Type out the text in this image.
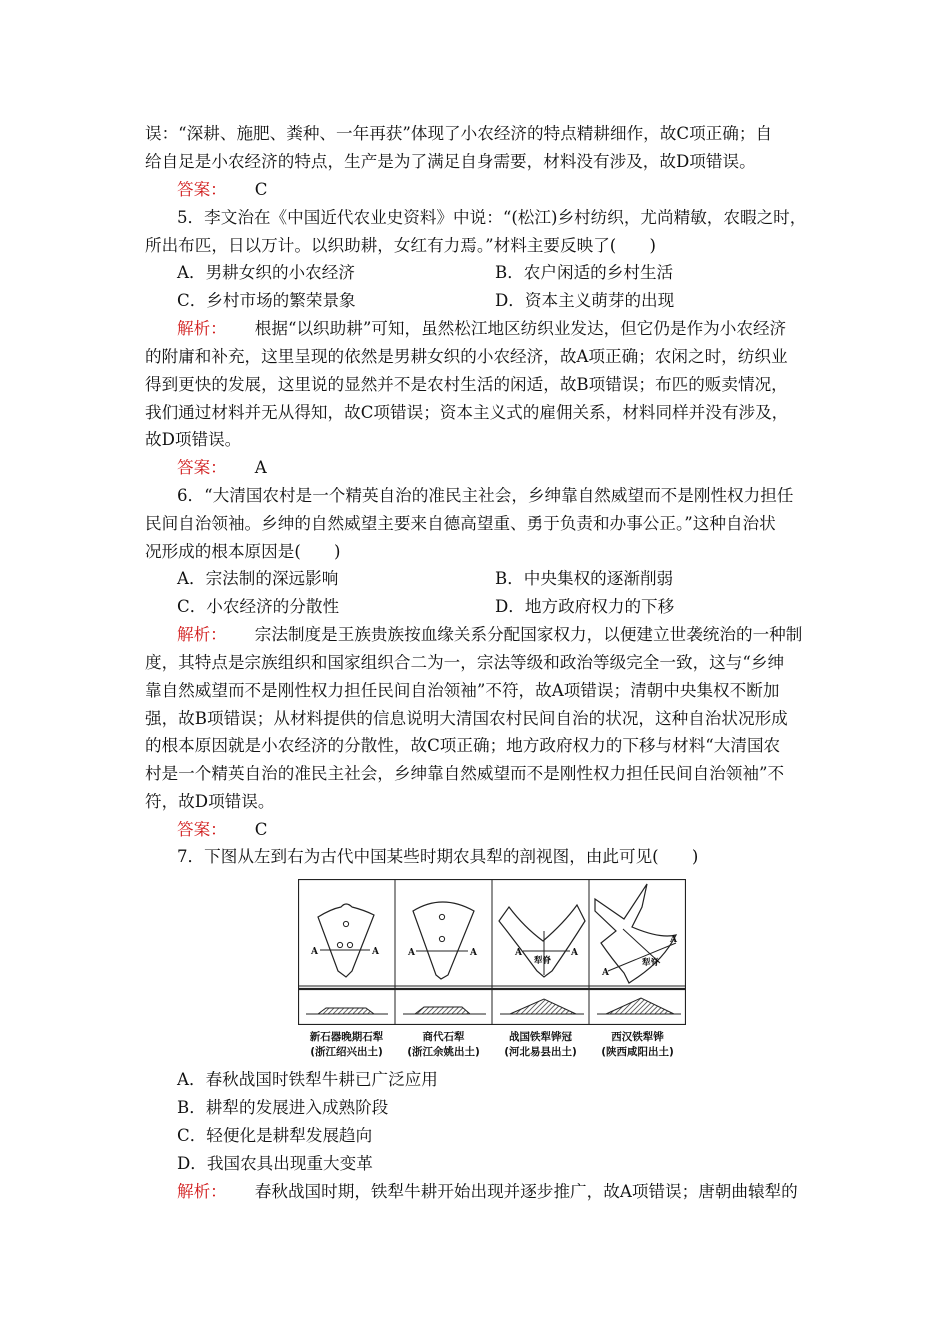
误：“深耕、施肥、粪种、一年再获”体现了小农经济的特点精耕细作，故C项正确；自
给自足是小农经济的特点，生产是为了满足自身需要，材料没有涉及，故D项错误。
答案： C
5．李文治在《中国近代农业史资料》中说：“(松江)乡村纺织，尤尚精敏，农暇之时，
所出布匹，日以万计。以织助耕，女红有力焉。”材料主要反映了(　　)
A．男耕女织的小农经济	B．农户闲适的乡村生活
C．乡村市场的繁荣景象	D．资本主义萌芽的出现
解析： 根据“以织助耕”可知，虽然松江地区纺织业发达，但它仍是作为小农经济
的附庸和补充，这里呈现的依然是男耕女织的小农经济，故A项正确；农闲之时，纺织业
得到更快的发展，这里说的显然并不是农村生活的闲适，故B项错误；布匹的贩卖情况，
我们通过材料并无从得知，故C项错误；资本主义式的雇佣关系，材料同样并没有涉及，
故D项错误。
答案： A
6．“大清国农村是一个精英自治的准民主社会，乡绅靠自然威望而不是刚性权力担任
民间自治领袖。乡绅的自然威望主要来自德高望重、勇于负责和办事公正。”这种自治状
况形成的根本原因是(　　)
A．宗法制的深远影响	B．中央集权的逐渐削弱
C．小农经济的分散性	D．地方政府权力的下移
解析： 宗法制度是王族贵族按血缘关系分配国家权力，以便建立世袭统治的一种制
度，其特点是宗族组织和国家组织合二为一，宗法等级和政治等级完全一致，这与“乡绅
靠自然威望而不是刚性权力担任民间自治领袖”不符，故A项错误；清朝中央集权不断加
强，故B项错误；从材料提供的信息说明大清国农村民间自治的状况，这种自治状况形成
的根本原因就是小农经济的分散性，故C项正确；地方政府权力的下移与材料“大清国农
村是一个精英自治的准民主社会，乡绅靠自然威望而不是刚性权力担任民间自治领袖”不
符，故D项错误。
答案： C
7．下图从左到右为古代中国某些时期农具犁的剖视图，由此可见(　　)
A	A	A	A	A	A
A
A
犁脊	犁脊
新石器晚期石犁
(浙江绍兴出土)
商代石犁
(浙江余姚出土)
战国铁犁铧冠
(河北易县出土)
西汉铁犁铧
(陕西咸阳出土)
A．春秋战国时铁犁牛耕已广泛应用
B．耕犁的发展进入成熟阶段
C．轻便化是耕犁发展趋向
D．我国农具出现重大变革
解析： 春秋战国时期，铁犁牛耕开始出现并逐步推广，故A项错误；唐朝曲辕犁的
